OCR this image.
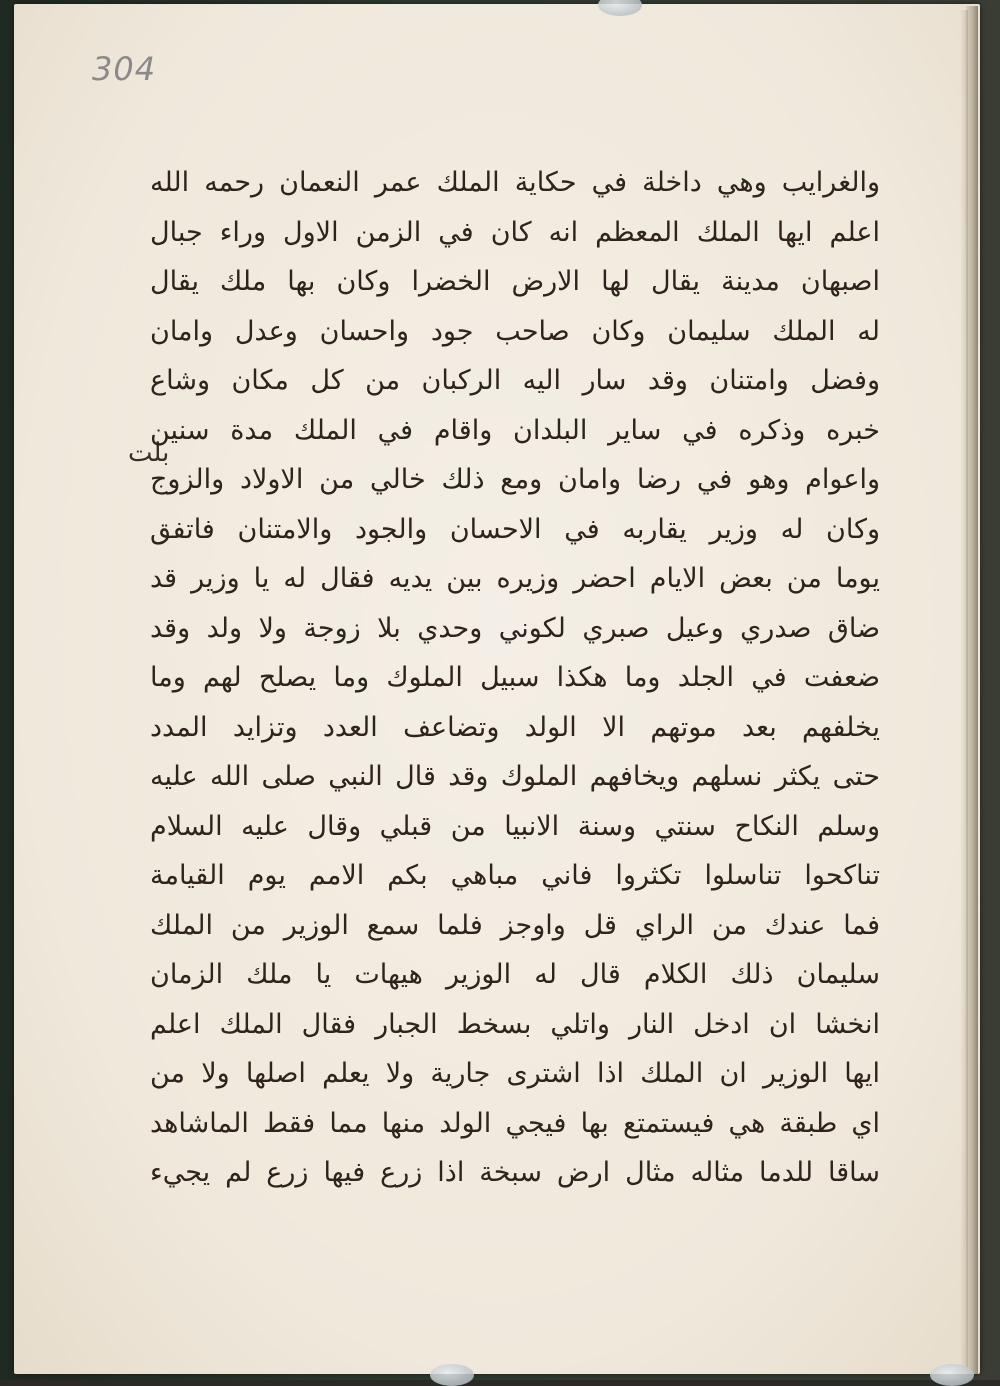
304
بلت
والغرايب وهي داخلة في حكاية الملك عمر النعمان رحمه الله
اعلم ايها الملك المعظم انه كان في الزمن الاول وراء جبال
اصبهان مدينة يقال لها الارض الخضرا وكان بها ملك يقال
له الملك سليمان وكان صاحب جود واحسان وعدل وامان
وفضل وامتنان وقد سار اليه الركبان من كل مكان وشاع
خبره وذكره في ساير البلدان واقام في الملك مدة سنين
واعوام وهو في رضا وامان ومع ذلك خالي من الاولاد والزوج
وكان له وزير يقاربه في الاحسان والجود والامتنان فاتفق
يوما من بعض الايام احضر وزيره بين يديه فقال له يا وزير قد
ضاق صدري وعيل صبري لكوني وحدي بلا زوجة ولا ولد وقد
ضعفت في الجلد وما هكذا سبيل الملوك وما يصلح لهم وما
يخلفهم بعد موتهم الا الولد وتضاعف العدد وتزايد المدد
حتى يكثر نسلهم ويخافهم الملوك وقد قال النبي صلى الله عليه
وسلم النكاح سنتي وسنة الانبيا من قبلي وقال عليه السلام
تناكحوا تناسلوا تكثروا فاني مباهي بكم الامم يوم القيامة
فما عندك من الراي قل واوجز فلما سمع الوزير من الملك
سليمان ذلك الكلام قال له الوزير هيهات يا ملك الزمان
انخشا ان ادخل النار واتلي بسخط الجبار فقال الملك اعلم
ايها الوزير ان الملك اذا اشترى جارية ولا يعلم اصلها ولا من
اي طبقة هي فيستمتع بها فيجي الولد منها مما فقط الماشاهد
ساقا للدما مثاله مثال ارض سبخة اذا زرع فيها زرع لم يجيء
